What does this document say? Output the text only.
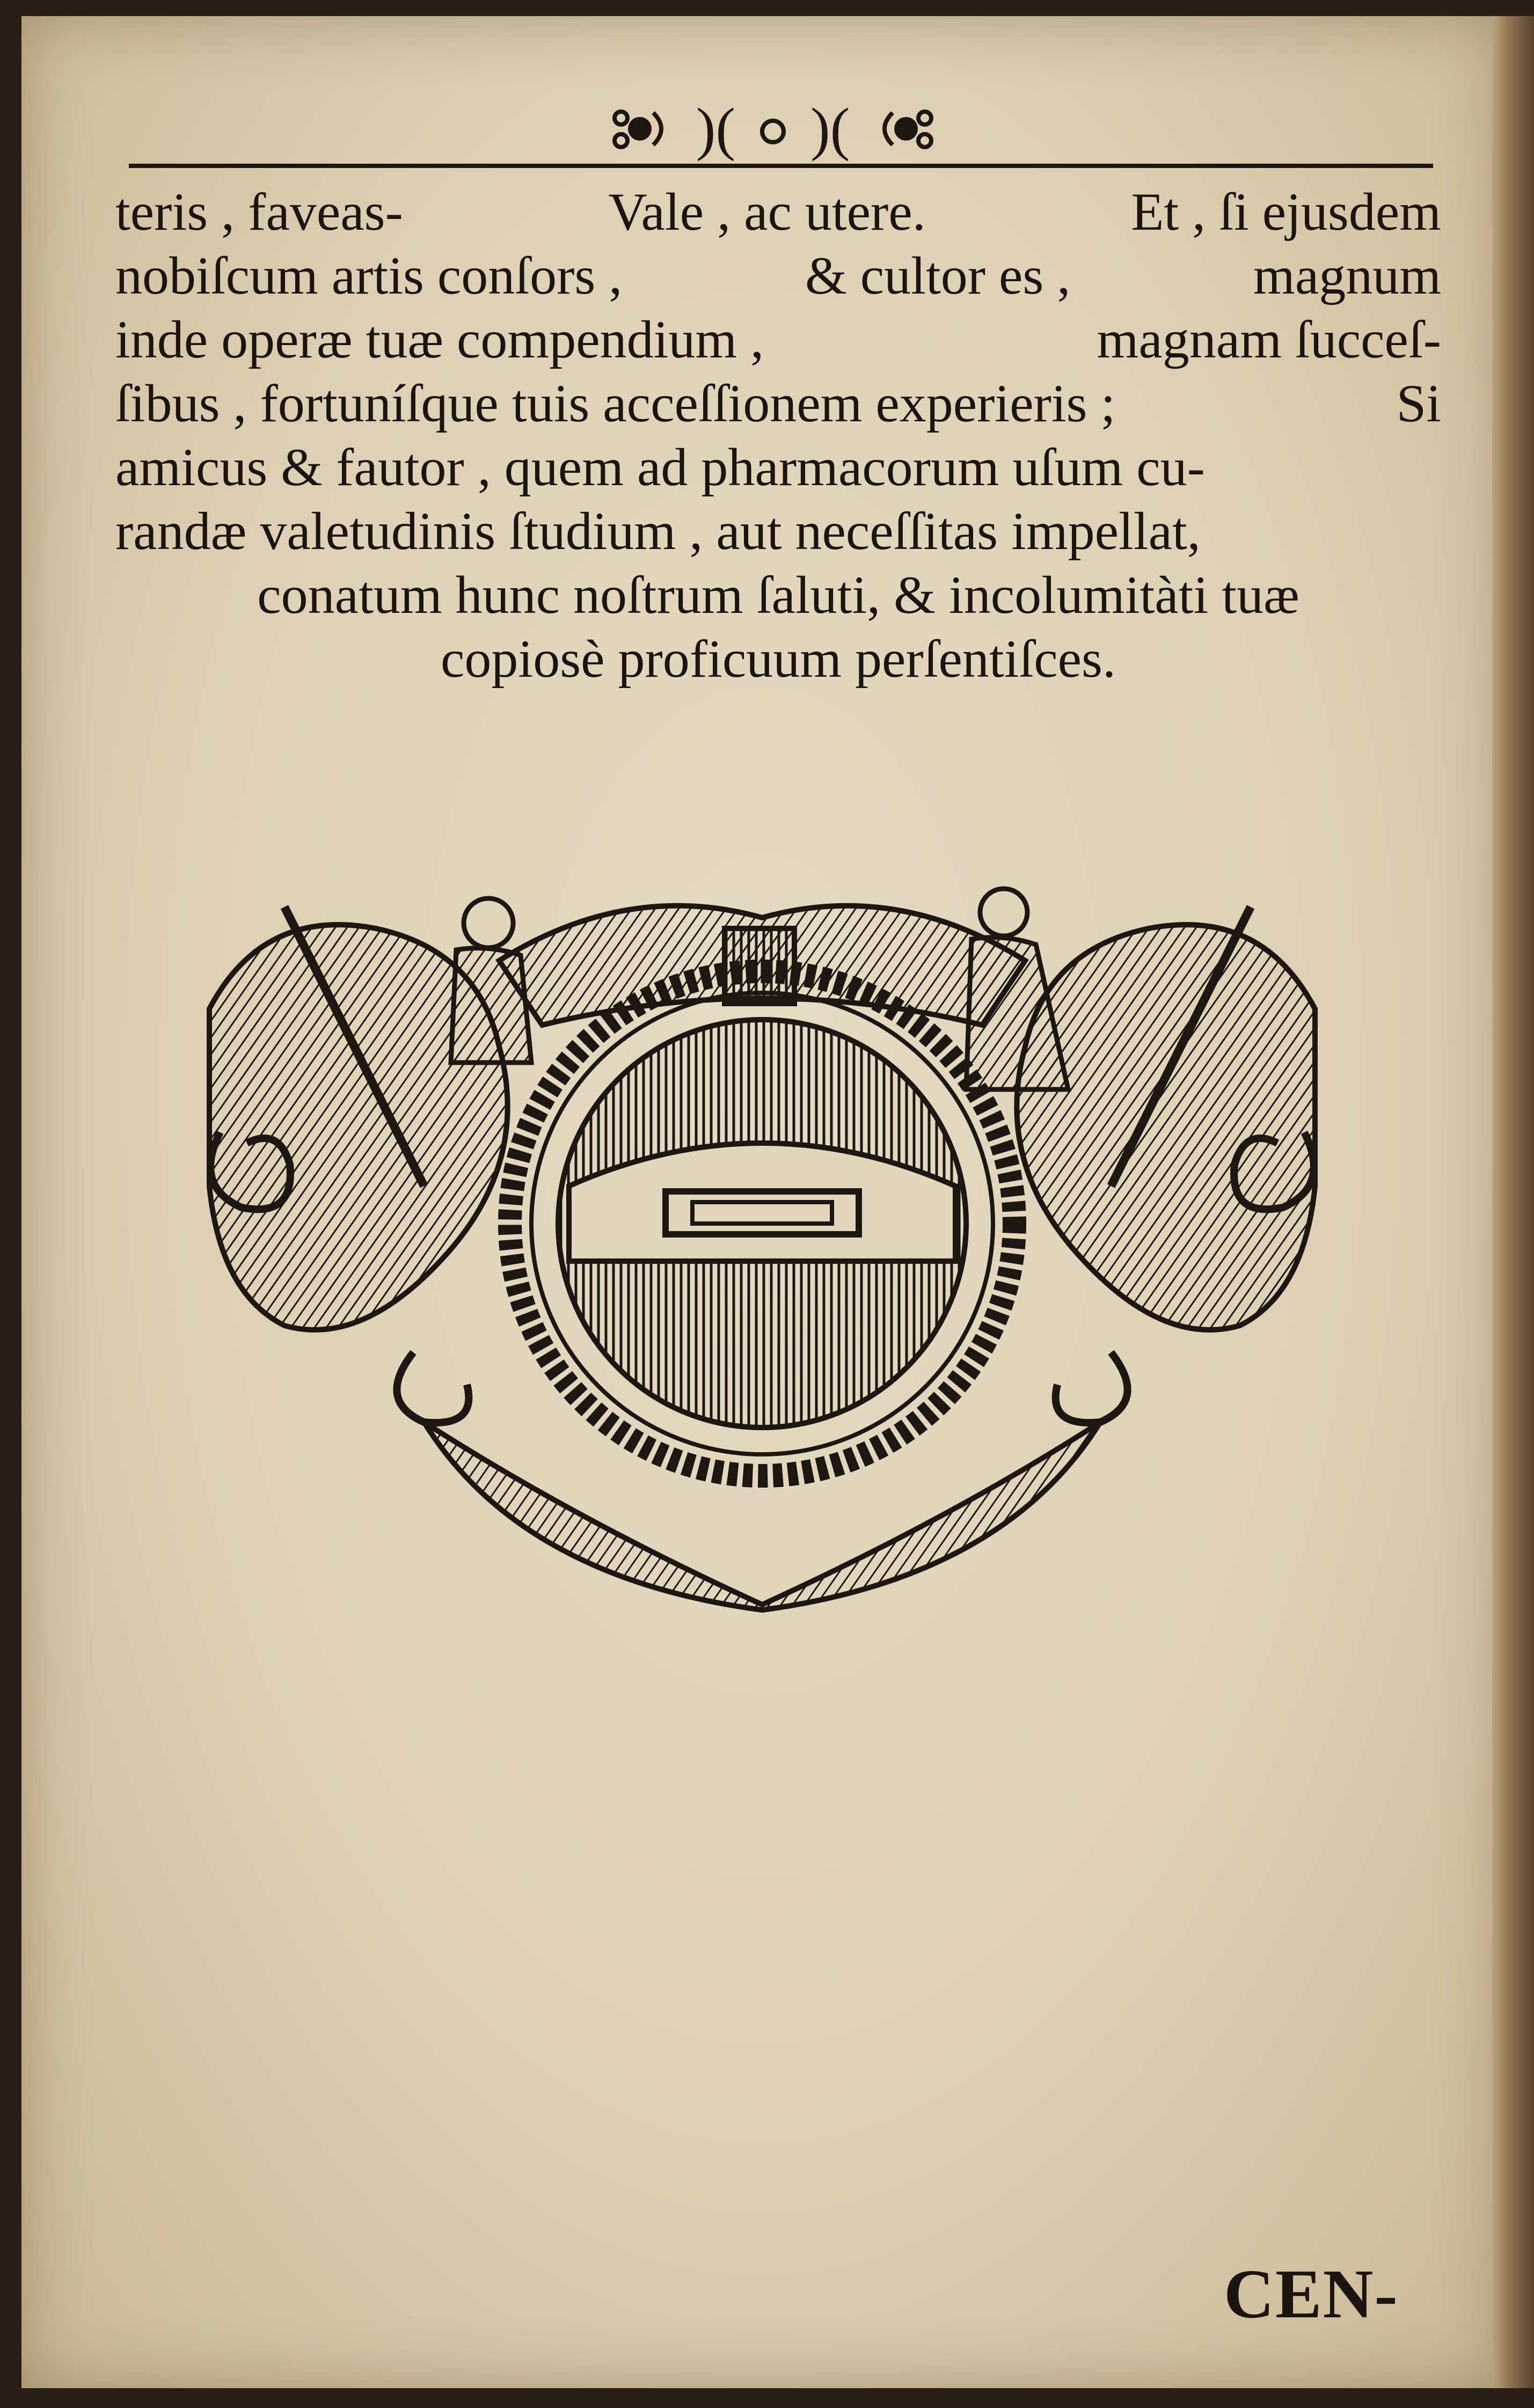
)( )(
teris , faveas-	Vale , ac utere.	Et , ſi ejusdem
nobiſcum artis conſors ,	& cultor es ,	magnum
inde operæ tuæ compendium ,	magnam ſucceſ-
ſibus , fortuníſque tuis acceſſionem experieris ;	Si
amicus & fautor , quem ad pharmacorum uſum cu-
randæ valetudinis ſtudium , aut neceſſitas impellat,
conatum hunc noſtrum ſaluti, & incolumitàti tuæ
copiosè proficuum perſentiſces.
CEN-
